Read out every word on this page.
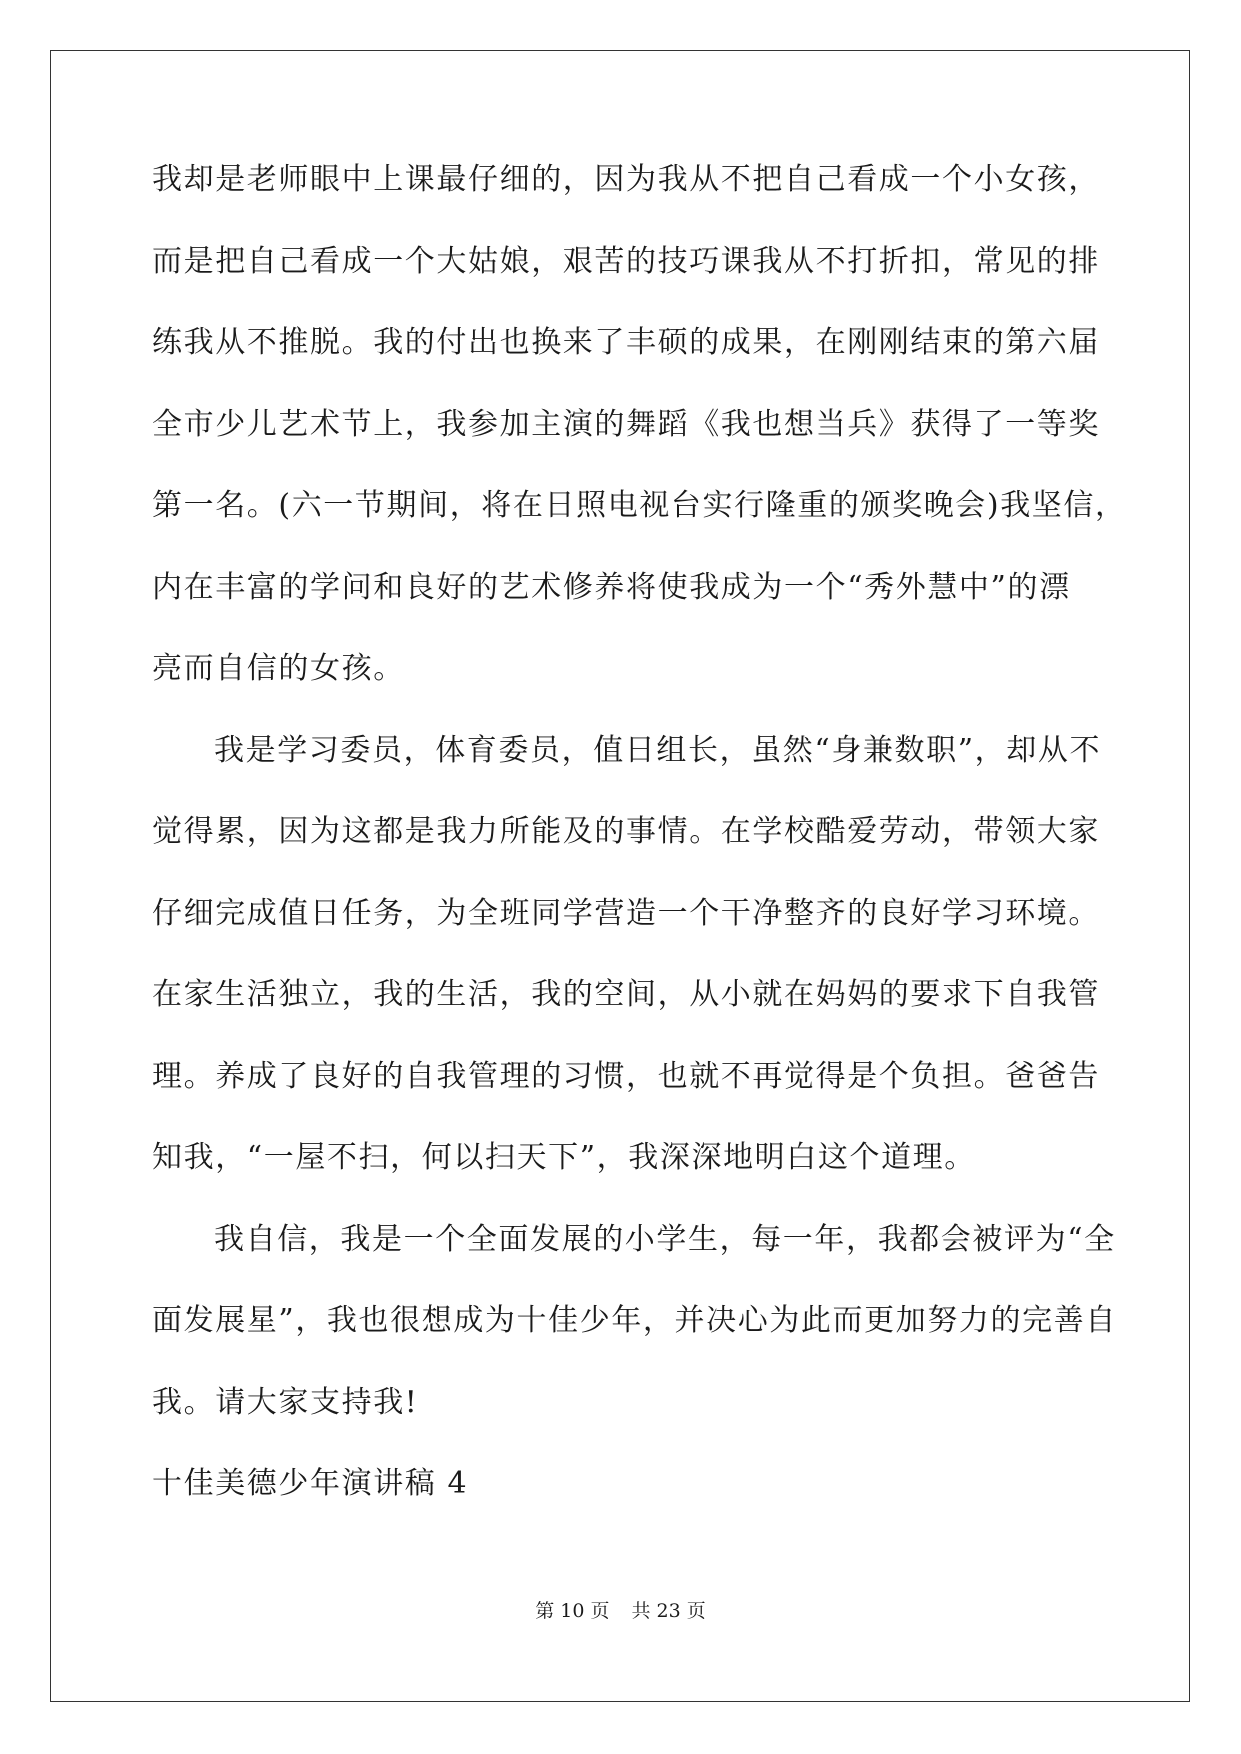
我却是老师眼中上课最仔细的，因为我从不把自己看成一个小女孩，
而是把自己看成一个大姑娘，艰苦的技巧课我从不打折扣，常见的排
练我从不推脱。我的付出也换来了丰硕的成果，在刚刚结束的第六届
全市少儿艺术节上，我参加主演的舞蹈《我也想当兵》获得了一等奖
第一名。(六一节期间，将在日照电视台实行隆重的颁奖晚会)我坚信，
内在丰富的学问和良好的艺术修养将使我成为一个“秀外慧中”的漂
亮而自信的女孩。
我是学习委员，体育委员，值日组长，虽然“身兼数职”，却从不
觉得累，因为这都是我力所能及的事情。在学校酷爱劳动，带领大家
仔细完成值日任务，为全班同学营造一个干净整齐的良好学习环境。
在家生活独立，我的生活，我的空间，从小就在妈妈的要求下自我管
理。养成了良好的自我管理的习惯，也就不再觉得是个负担。爸爸告
知我，“一屋不扫，何以扫天下”，我深深地明白这个道理。
我自信，我是一个全面发展的小学生，每一年，我都会被评为“全
面发展星”，我也很想成为十佳少年，并决心为此而更加努力的完善自
我。请大家支持我!
十佳美德少年演讲稿 4
第 10 页 共 23 页
